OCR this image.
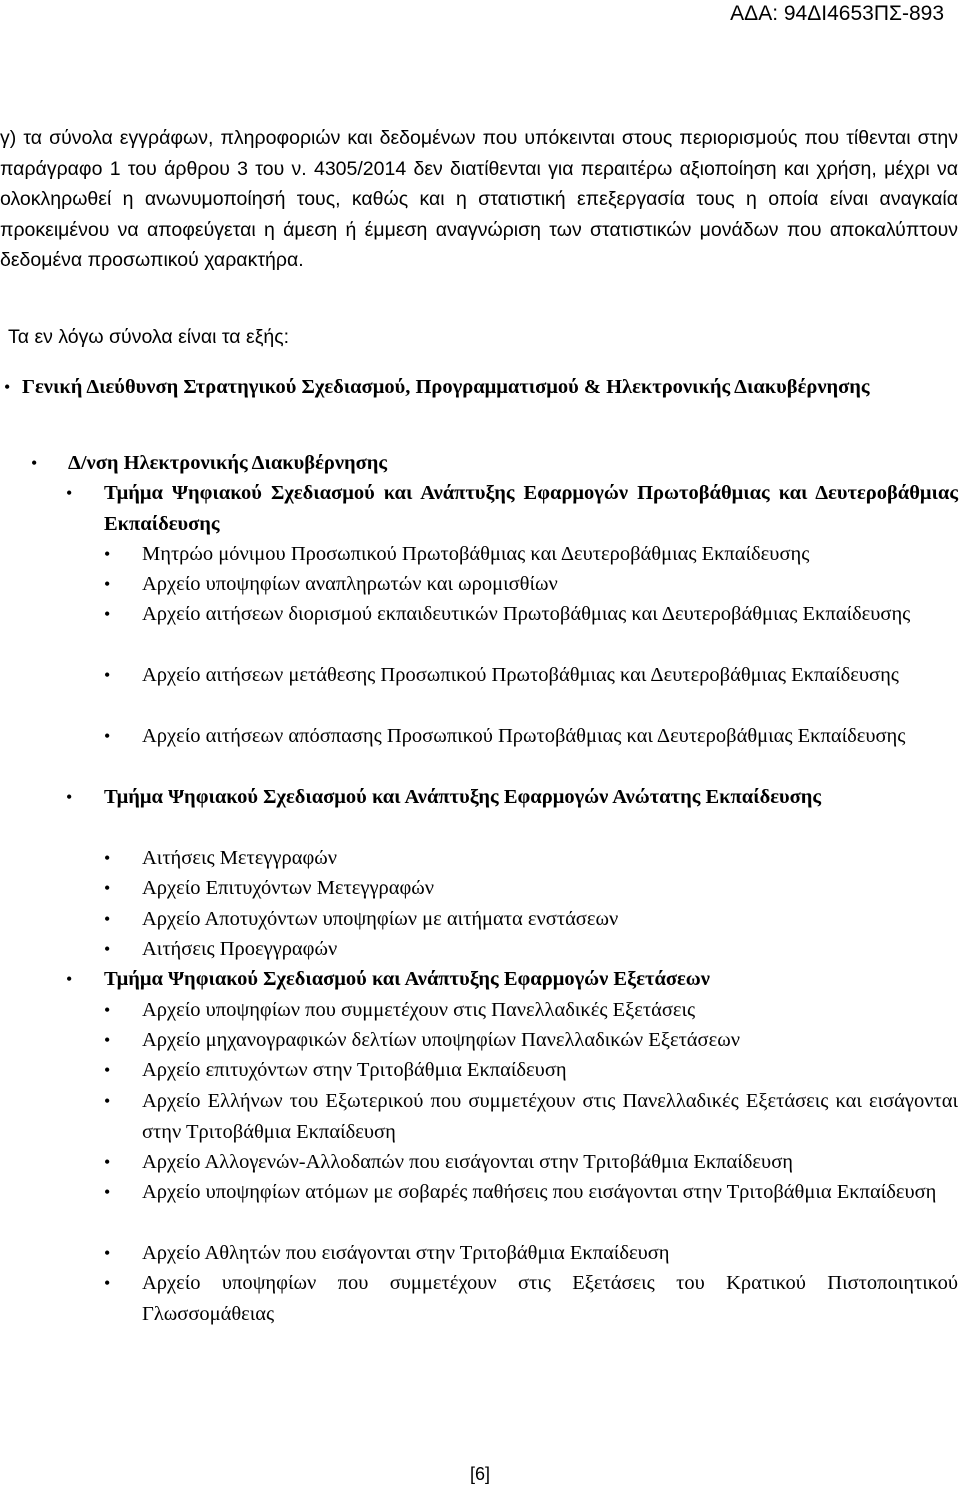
ΑΔΑ: 94ΔΙ4653ΠΣ-893
γ) τα σύνολα εγγράφων, πληροφοριών και δεδομένων που υπόκεινται στους περιορισμούς που τίθενται στην παράγραφο 1 του άρθρου 3 του ν. 4305/2014 δεν διατίθενται για περαιτέρω αξιοποίηση και χρήση, μέχρι να ολοκληρωθεί η ανωνυμοποίησή τους, καθώς και η στατιστική επεξεργασία τους η οποία είναι αναγκαία προκειμένου να αποφεύγεται η άμεση ή έμμεση αναγνώριση των στατιστικών μονάδων που αποκαλύπτουν δεδομένα προσωπικού χαρακτήρα.
Τα εν λόγω σύνολα είναι τα εξής:
• Γενική Διεύθυνση Στρατηγικού Σχεδιασμού, Προγραμματισμού & Ηλεκτρονικής Διακυβέρνησης
• Δ/νση Ηλεκτρονικής Διακυβέρνησης
•	Τμήμα Ψηφιακού Σχεδιασμού και Ανάπτυξης Εφαρμογών Πρωτοβάθμιας και Δευτεροβάθμιας Εκπαίδευσης
• Μητρώο μόνιμου Προσωπικού Πρωτοβάθμιας και Δευτεροβάθμιας Εκπαίδευσης
• Αρχείο υποψηφίων αναπληρωτών και ωρομισθίων
• Αρχείο αιτήσεων διορισμού εκπαιδευτικών Πρωτοβάθμιας και Δευτεροβάθμιας Εκπαίδευσης
• Αρχείο αιτήσεων μετάθεσης Προσωπικού Πρωτοβάθμιας και Δευτεροβάθμιας Εκπαίδευσης
• Αρχείο αιτήσεων απόσπασης Προσωπικού Πρωτοβάθμιας και Δευτεροβάθμιας Εκπαίδευσης
• Τμήμα Ψηφιακού Σχεδιασμού και Ανάπτυξης Εφαρμογών Ανώτατης Εκπαίδευσης
• Αιτήσεις Μετεγγραφών
• Αρχείο Επιτυχόντων Μετεγγραφών
• Αρχείο Αποτυχόντων υποψηφίων με αιτήματα ενστάσεων
• Αιτήσεις Προεγγραφών
• Τμήμα Ψηφιακού Σχεδιασμού και Ανάπτυξης Εφαρμογών Εξετάσεων
• Αρχείο υποψηφίων που συμμετέχουν στις Πανελλαδικές Εξετάσεις
• Αρχείο μηχανογραφικών δελτίων υποψηφίων Πανελλαδικών Εξετάσεων
• Αρχείο επιτυχόντων στην Τριτοβάθμια Εκπαίδευση
• Αρχείο Ελλήνων του Εξωτερικού που συμμετέχουν στις Πανελλαδικές Εξετάσεις και εισάγονται στην Τριτοβάθμια Εκπαίδευση
• Αρχείο Αλλογενών-Αλλοδαπών που εισάγονται στην Τριτοβάθμια Εκπαίδευση
• Αρχείο υποψηφίων ατόμων με σοβαρές παθήσεις που εισάγονται στην Τριτοβάθμια Εκπαίδευση
• Αρχείο Αθλητών που εισάγονται στην Τριτοβάθμια Εκπαίδευση
• Αρχείο υποψηφίων που συμμετέχουν στις Εξετάσεις του Κρατικού Πιστοποιητικού Γλωσσομάθειας
[6]
